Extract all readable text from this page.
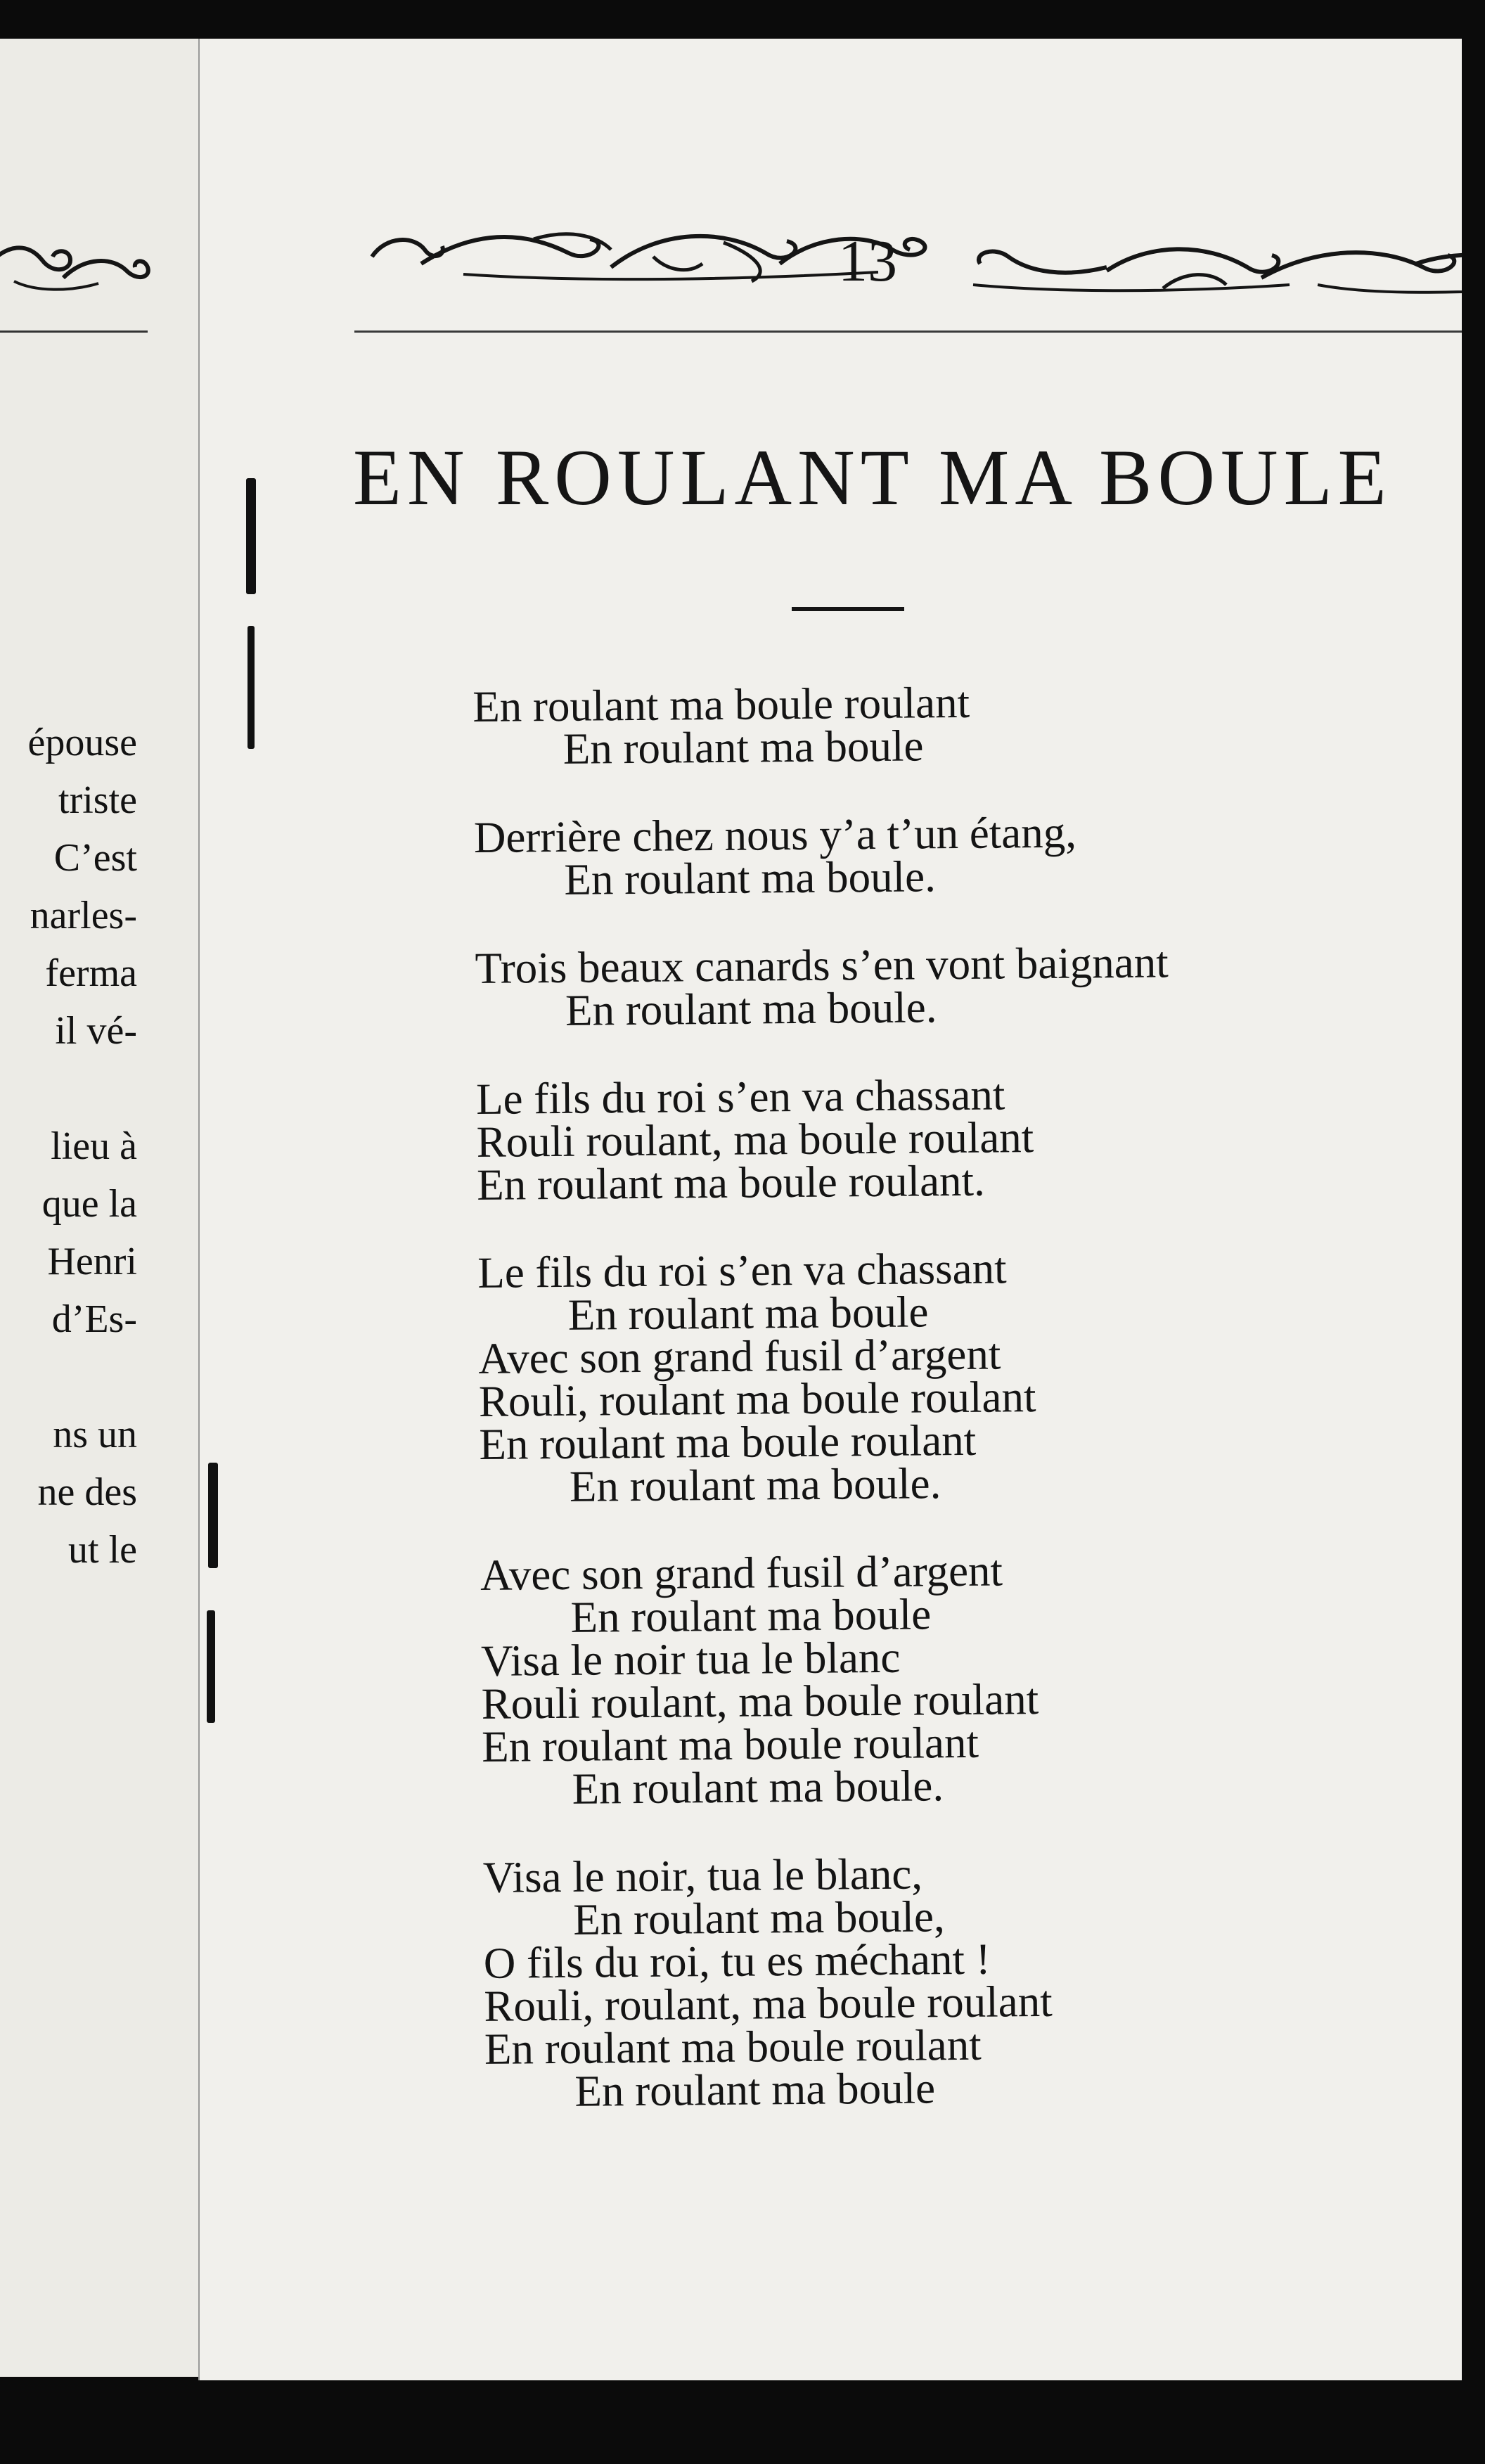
épouse
triste
C’est
narles-
ferma
il vé-
lieu à
que la
Henri
d’Es-
ns un
ne des
ut le
13
EN ROULANT MA BOULE
En roulant ma boule roulant
En roulant ma boule
Derrière chez nous y’a t’un étang,
En roulant ma boule.
Trois beaux canards s’en vont baignant
En roulant ma boule.
Le fils du roi s’en va chassant
Rouli roulant, ma boule roulant
En roulant ma boule roulant.
Le fils du roi s’en va chassant
En roulant ma boule
Avec son grand fusil d’argent
Rouli, roulant ma boule roulant
En roulant ma boule roulant
En roulant ma boule.
Avec son grand fusil d’argent
En roulant ma boule
Visa le noir tua le blanc
Rouli roulant, ma boule roulant
En roulant ma boule roulant
En roulant ma boule.
Visa le noir, tua le blanc,
En roulant ma boule,
O fils du roi, tu es méchant !
Rouli, roulant, ma boule roulant
En roulant ma boule roulant
En roulant ma boule
